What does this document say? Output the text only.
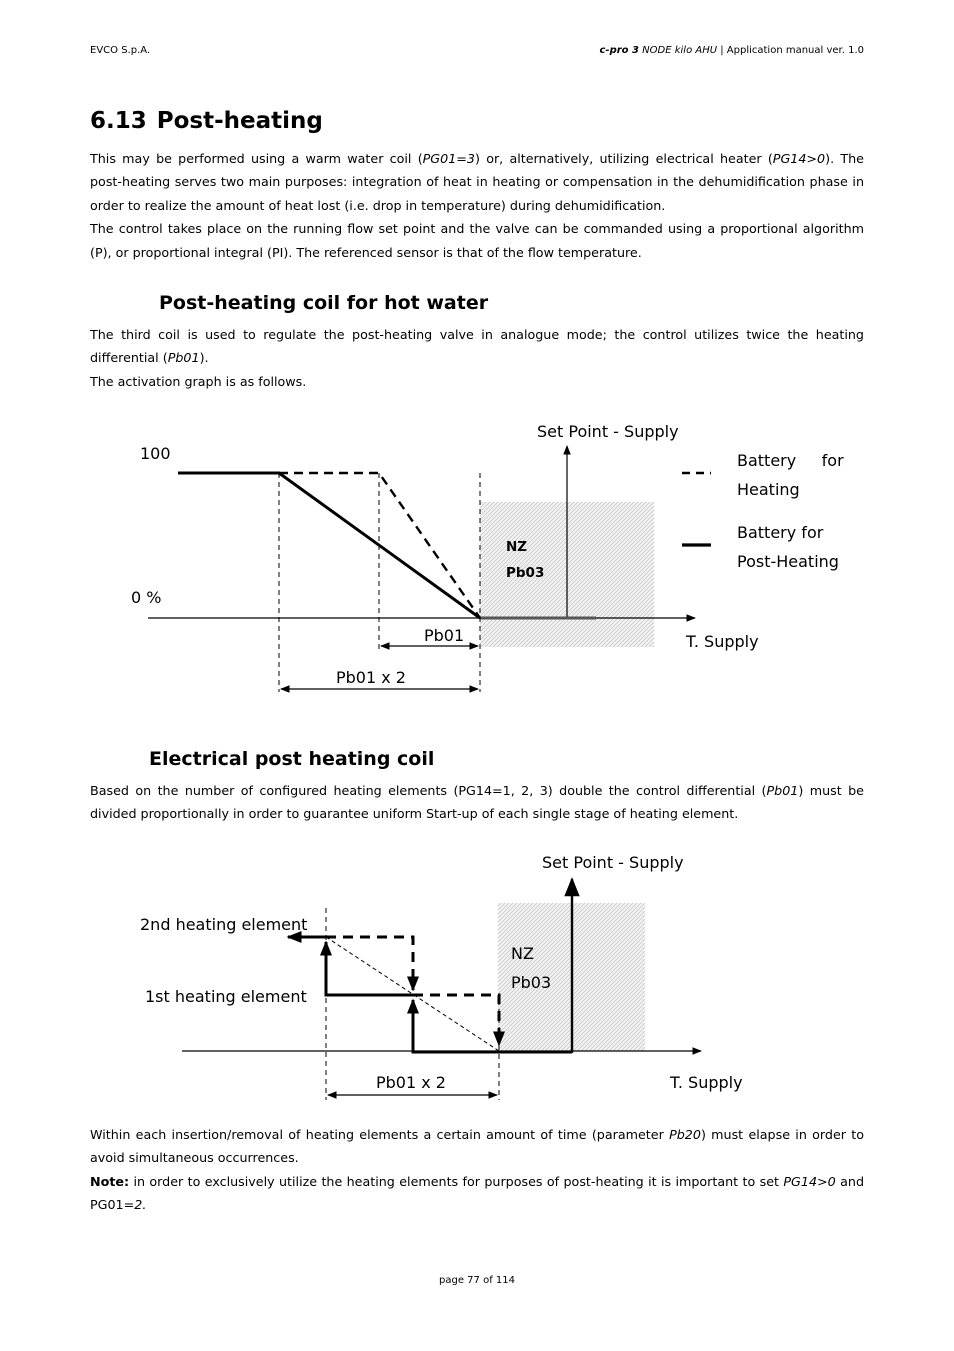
EVCO S.p.A.	c-pro 3 NODE kilo AHU | Application manual ver. 1.0
6.13 Post-heating

This may be performed using a warm water coil (PG01=3) or, alternatively, utilizing electrical heater (PG14>0). The post-heating serves two main purposes: integration of heat in heating or compensation in the dehumidification phase in order to realize the amount of heat lost (i.e. drop in temperature) during dehumidification.

The control takes place on the running flow set point and the valve can be commanded using a proportional algorithm (P), or proportional integral (PI). The referenced sensor is that of the flow temperature.

Post-heating coil for hot water

The third coil is used to regulate the post-heating valve in analogue mode; the control utilizes twice the heating differential (Pb01).

The activation graph is as follows.

Set Point - Supply
100
0 %
NZ
Pb03
T. Supply
Pb01
Pb01 x 2
Battery     for
Heating
Battery for
Post-Heating
Electrical post heating coil

Based on the number of configured heating elements (PG14=1, 2, 3) double the control differential (Pb01) must be divided proportionally in order to guarantee uniform Start-up of each single stage of heating element.

Set Point - Supply
2nd heating element
1st heating element
NZ
Pb03
Pb01 x 2	T. Supply

Within each insertion/removal of heating elements a certain amount of time (parameter Pb20) must elapse in order to avoid simultaneous occurrences.

Note: in order to exclusively utilize the heating elements for purposes of post-heating it is important to set PG14>0 and PG01=2.

page 77 of 114
